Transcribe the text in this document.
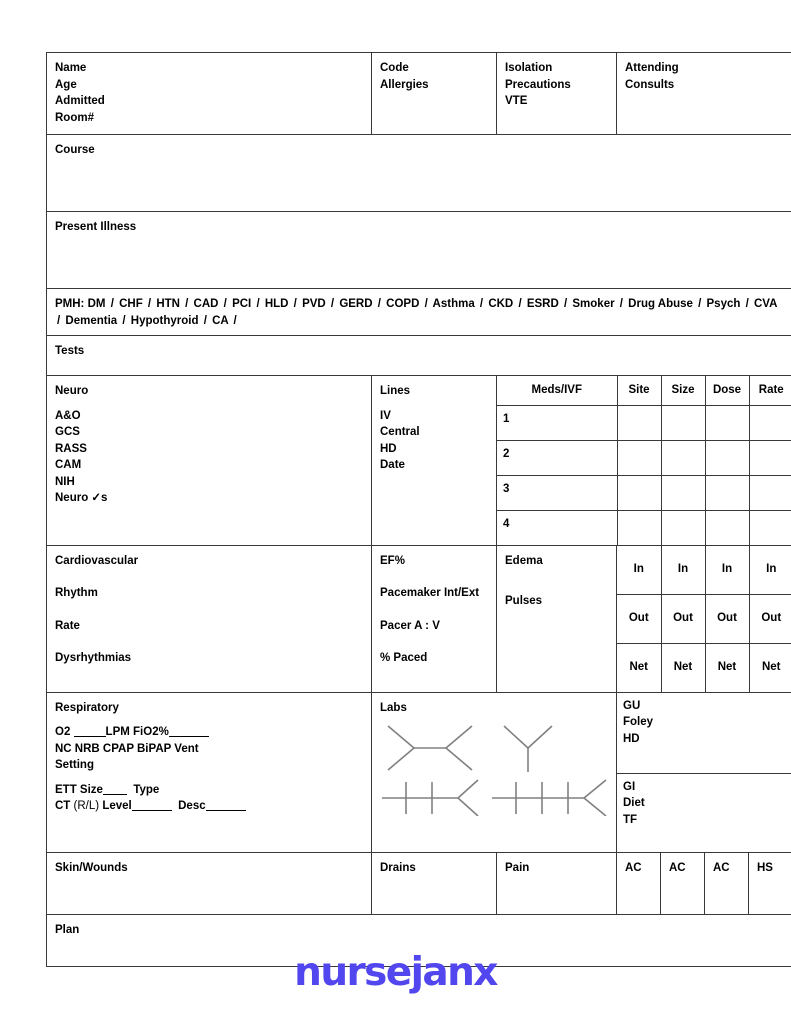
Name
Age
Admitted
Room#

Code
Allergies

Isolation
Precautions
VTE

Attending
Consults

Course

Present Illness

PMH: DM / CHF / HTN / CAD / PCI / HLD / PVD / GERD / COPD / Asthma / CKD / ESRD / Smoker / Drug Abuse / Psych / CVA / Dementia / Hypothyroid / CA /

Tests

Neuro
A&O
GCS
RASS
CAM
NIH
Neuro ✓s

Lines
IV
Central
HD
Date

Meds/IVF	Site	Size	Dose	Rate
1				
2				
3				
4				

Cardiovascular
Rhythm
Rate
Dysrhythmias

EF%
Pacemaker Int/Ext
Pacer A : V
% Paced

Edema
Pulses

In	In	In	In
Out	Out	Out	Out
Net	Net	Net	Net

Respiratory
O2	LPM FiO2%
NC NRB CPAP BiPAP Vent
Setting
ETT Size	Type
CT (R/L) Level	Desc

Labs
		GU
Foley
HD

GI
Diet
TF

Skin/Wounds	Drains	Pain	AC	AC	AC	HS

Plan
nursejanx
